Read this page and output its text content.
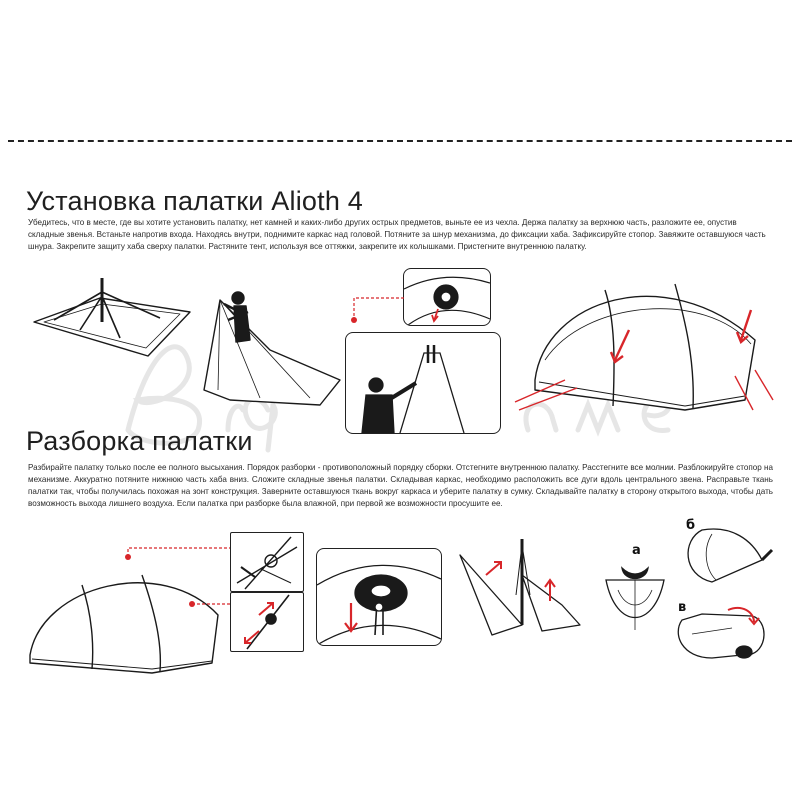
Установка палатки Alioth 4

Убедитесь, что в месте, где вы хотите установить палатку, нет камней и каких-либо других острых предметов, выньте ее из чехла. Держа палатку за верхнюю часть, разложите ее, опустив складные звенья. Встаньте напротив входа. Находясь внутри, поднимите каркас над головой. Потяните за шнур механизма, до фиксации хаба. Зафиксируйте стопор. Завяжите оставшуюся часть шнура. Закрепите защиту хаба сверху палатки. Растяните тент, используя все оттяжки, закрепите их колышками. Пристегните внутреннюю палатку.

Разборка палатки

Разбирайте палатку только после ее полного высыхания. Порядок разборки - противоположный порядку сборки. Отстегните внутреннюю палатку. Расстегните все молнии. Разблокируйте стопор на механизме. Аккуратно потяните нижнюю часть хаба вниз. Сложите складные звенья палатки. Складывая каркас, необходимо расположить все дуги вдоль центрального звена. Расправьте ткань палатки так, чтобы получилась похожая на зонт конструкция. Заверните оставшуюся ткань вокруг каркаса и уберите палатку в сумку. Складывайте палатку в сторону открытого выхода, чтобы дать возможность выхода лишнего воздуха. Если палатка при разборке была влажной, при первой же возможности просушите ее.

а
б
в
